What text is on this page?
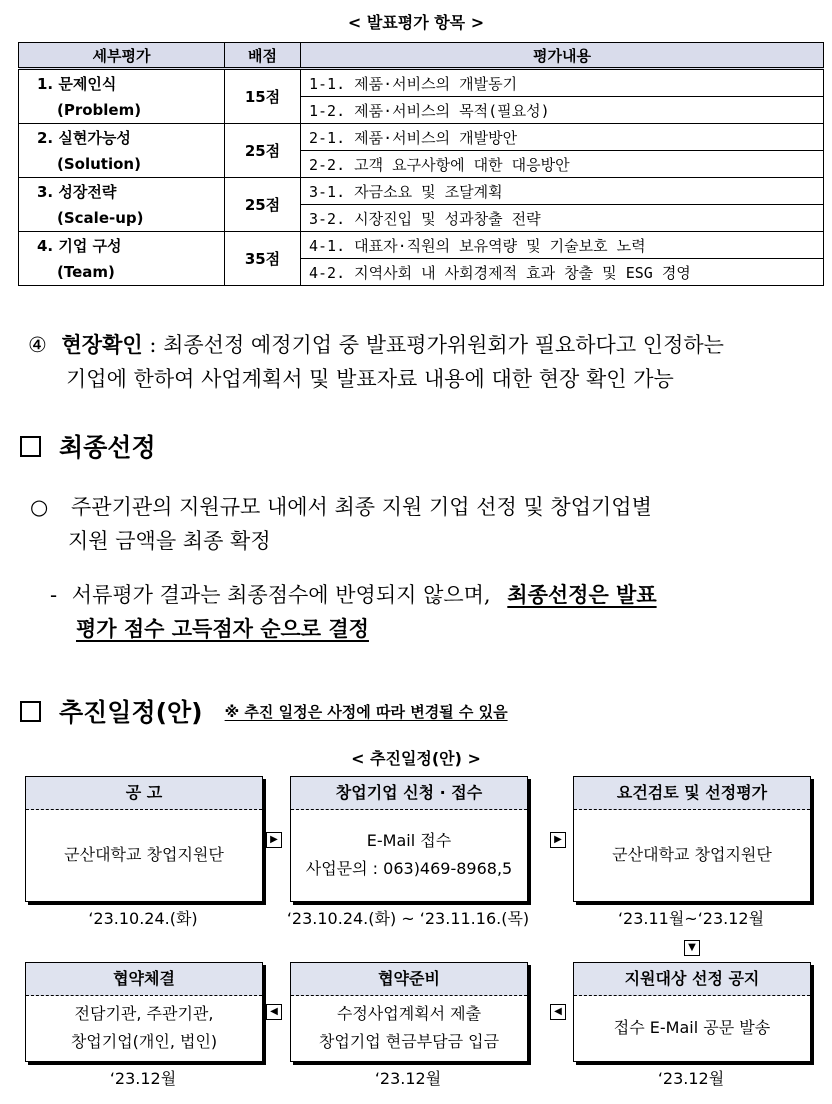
< 발표평가 항목 >
세부평가	배점	평가내용
1. 문제인식
(Problem)	15점	1-1. 제품·서비스의 개발동기
		1-2. 제품·서비스의 목적(필요성)
2. 실현가능성
(Solution)	25점	2-1. 제품·서비스의 개발방안
		2-2. 고객 요구사항에 대한 대응방안
3. 성장전략
(Scale-up)	25점	3-1. 자금소요 및 조달계획
		3-2. 시장진입 및 성과창출 전략
4. 기업 구성
(Team)	35점	4-1. 대표자·직원의 보유역량 및 기술보호 노력
		4-2. 지역사회 내 사회경제적 효과 창출 및 ESG 경영
④ 현장확인 : 최종선정 예정기업 중 발표평가위원회가 필요하다고 인정하는
기업에 한하여 사업계획서 및 발표자료 내용에 대한 현장 확인 가능
최종선정
○ 주관기관의 지원규모 내에서 최종 지원 기업 선정 및 창업기업별
지원 금액을 최종 확정
- 서류평가 결과는 최종점수에 반영되지 않으며, 최종선정은 발표
평가 점수 고득점자 순으로 결정
추진일정(안) ※ 추진 일정은 사정에 따라 변경될 수 있음
< 추진일정(안) >
공 고
군산대학교 창업지원단
▶
창업기업 신청 · 접수
E-Mail 접수
사업문의 : 063)469-8968,5
▶
요건검토 및 선정평가
군산대학교 창업지원단
‘23.10.24.(화)	‘23.10.24.(화) ~ ‘23.11.16.(목)	‘23.11월~‘23.12월
▼
협약체결
전담기관, 주관기관,
창업기업(개인, 법인)
◀
협약준비
수정사업계획서 제출
창업기업 현금부담금 입금
◀
지원대상 선정 공지
접수 E-Mail 공문 발송
‘23.12월	‘23.12월	‘23.12월
